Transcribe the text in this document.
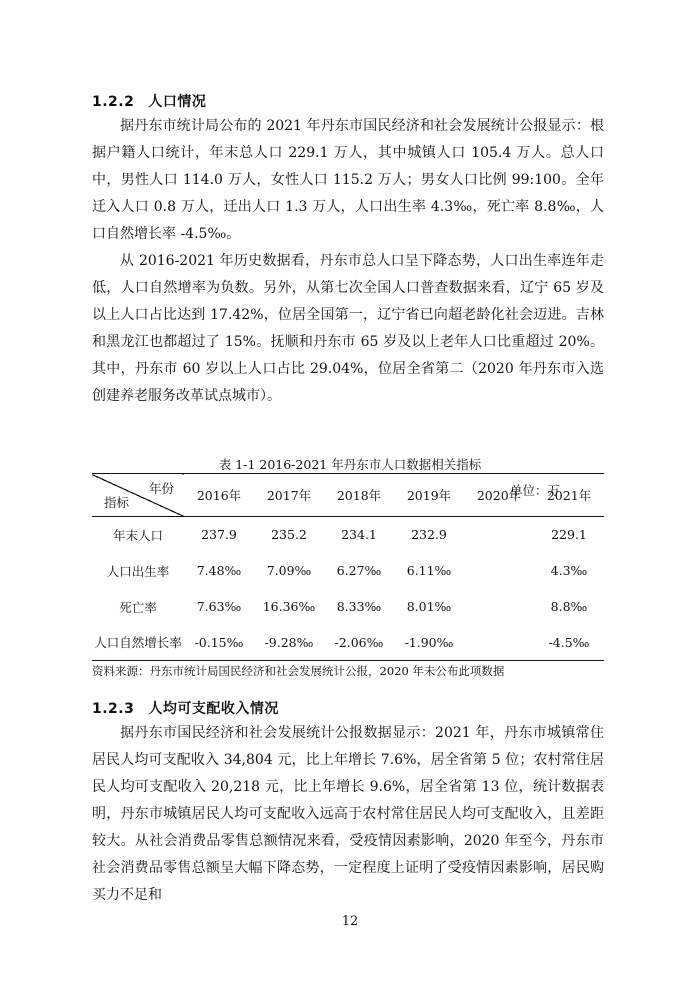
1.2.2 人口情况

据丹东市统计局公布的 2021 年丹东市国民经济和社会发展统计公报显示：根据户籍人口统计，年末总人口 229.1 万人，其中城镇人口 105.4 万人。总人口中，男性人口 114.0 万人，女性人口 115.2 万人；男女人口比例 99:100。全年迁入人口 0.8 万人，迁出人口 1.3 万人，人口出生率 4.3‰，死亡率 8.8‰，人口自然增长率 -4.5‰。

从 2016-2021 年历史数据看，丹东市总人口呈下降态势，人口出生率连年走低，人口自然增率为负数。另外，从第七次全国人口普查数据来看，辽宁 65 岁及以上人口占比达到 17.42%，位居全国第一，辽宁省已向超老龄化社会迈进。吉林和黑龙江也都超过了 15%。抚顺和丹东市 65 岁及以上老年人口比重超过 20%。其中，丹东市 60 岁以上人口占比 29.04%，位居全省第二（2020 年丹东市入选创建养老服务改革试点城市）。

表 1-1 2016-2021 年丹东市人口数据相关指标
单位：万
年份
指标	2016年	2017年	2018年	2019年	2020年	2021年
年末人口	237.9	235.2	234.1	232.9		229.1
人口出生率	7.48‰	7.09‰	6.27‰	6.11‰		4.3‰
死亡率	7.63‰	16.36‰	8.33‰	8.01‰		8.8‰
人口自然增长率	-0.15‰	-9.28‰	-2.06‰	-1.90‰		-4.5‰
资料来源：丹东市统计局国民经济和社会发展统计公报，2020 年未公布此项数据
1.2.3 人均可支配收入情况

据丹东市国民经济和社会发展统计公报数据显示：2021 年，丹东市城镇常住居民人均可支配收入 34,804 元，比上年增长 7.6%，居全省第 5 位；农村常住居民人均可支配收入 20,218 元，比上年增长 9.6%，居全省第 13 位，统计数据表明，丹东市城镇居民人均可支配收入远高于农村常住居民人均可支配收入，且差距较大。从社会消费品零售总额情况来看，受疫情因素影响，2020 年至今，丹东市社会消费品零售总额呈大幅下降态势，一定程度上证明了受疫情因素影响，居民购买力不足和

12
